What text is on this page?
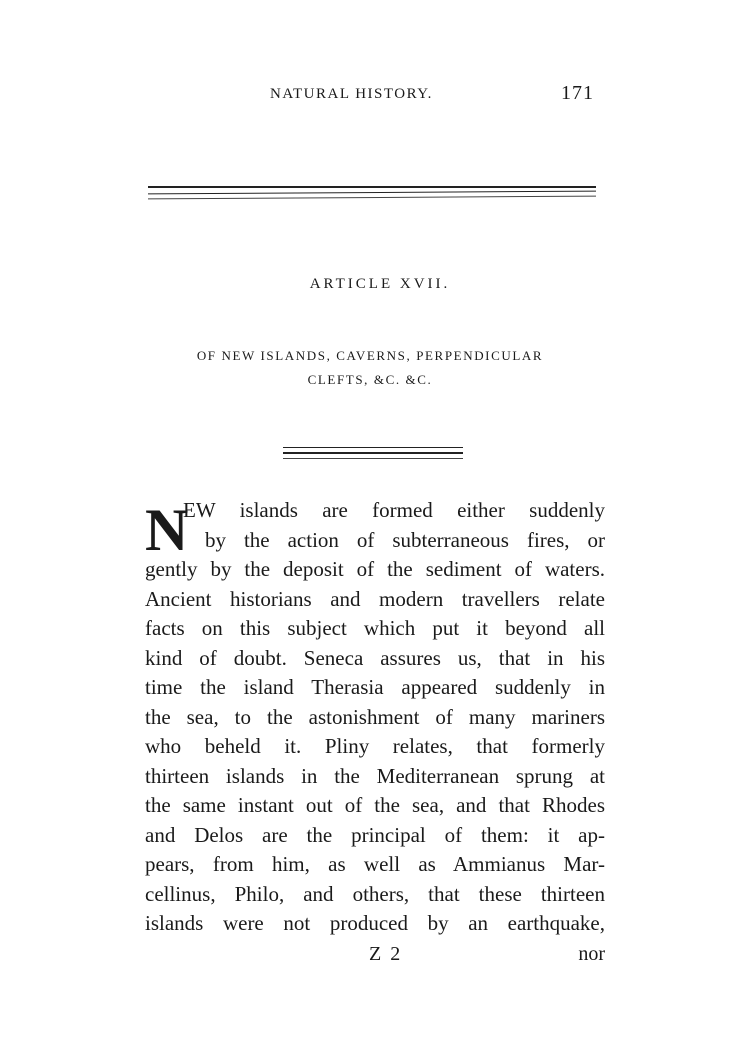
NATURAL HISTORY.	171
ARTICLE XVII.
OF NEW ISLANDS, CAVERNS, PERPENDICULAR
CLEFTS, &C. &C.
N
EW islands are formed either suddenly
by the action of subterraneous fires, or
gently by the deposit of the sediment of waters.
Ancient historians and modern travellers relate
facts on this subject which put it beyond all
kind of doubt. Seneca assures us, that in his
time the island Therasia appeared suddenly in
the sea, to the astonishment of many mariners
who beheld it. Pliny relates, that formerly
thirteen islands in the Mediterranean sprung at
the same instant out of the sea, and that Rhodes
and Delos are the principal of them: it ap-
pears, from him, as well as Ammianus Mar-
cellinus, Philo, and others, that these thirteen
islands were not produced by an earthquake,
Z 2	nor
